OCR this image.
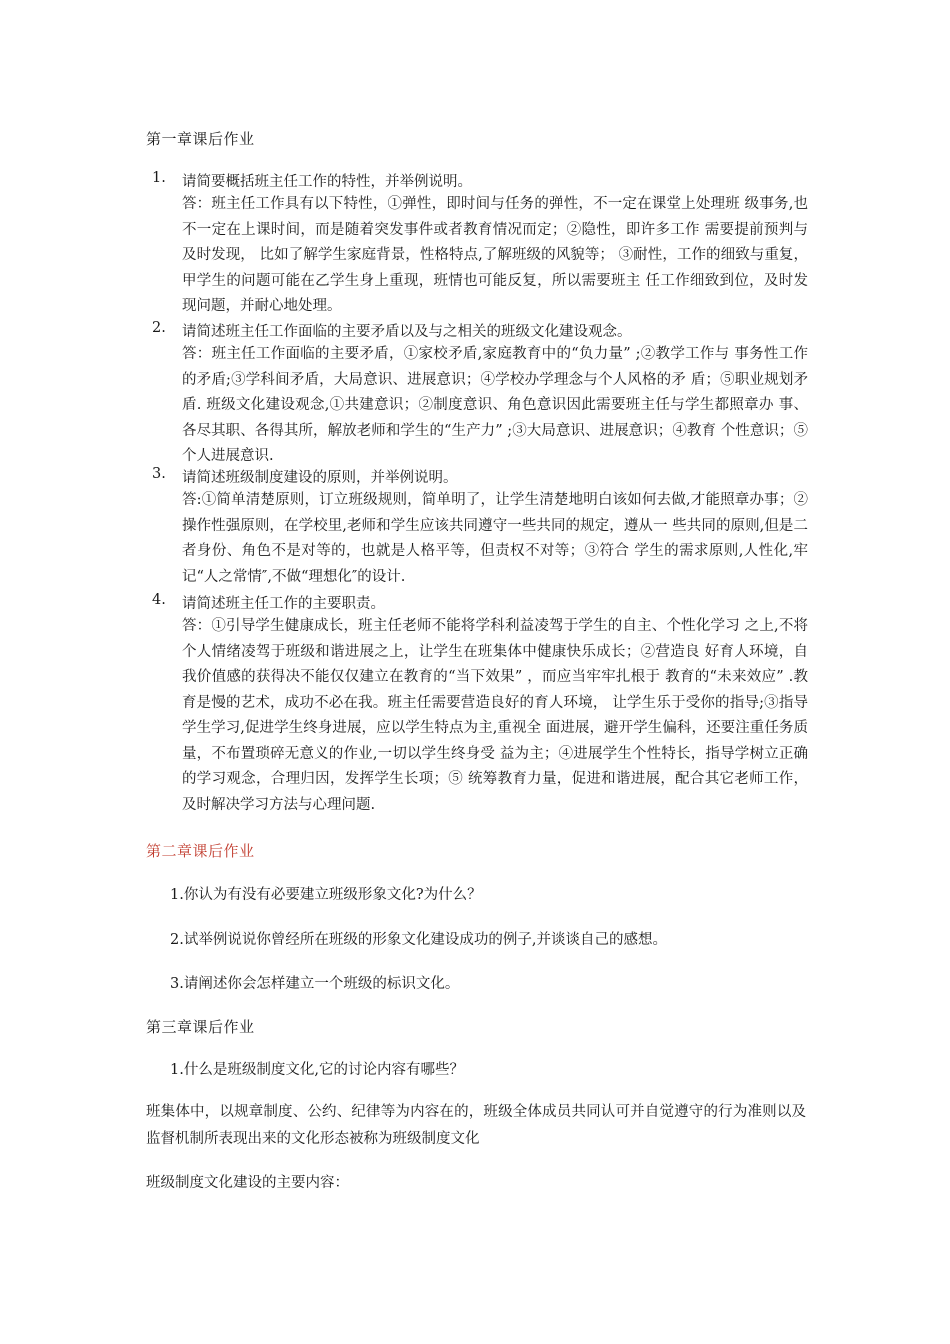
第一章课后作业
1. 请简要概括班主任工作的特性，并举例说明。
答：班主任工作具有以下特性，①弹性，即时间与任务的弹性，不一定在课堂上处理班 级事务,也不一定在上课时间，而是随着突发事件或者教育情况而定；②隐性，即许多工作 需要提前预判与及时发现， 比如了解学生家庭背景，性格特点,了解班级的风貌等； ③耐性，工作的细致与重复，甲学生的问题可能在乙学生身上重现，班情也可能反复，所以需要班主 任工作细致到位，及时发现问题，并耐心地处理。
2. 请简述班主任工作面临的主要矛盾以及与之相关的班级文化建设观念。
答：班主任工作面临的主要矛盾，①家校矛盾,家庭教育中的“负力量” ;②教学工作与 事务性工作的矛盾;③学科间矛盾，大局意识、进展意识；④学校办学理念与个人风格的矛 盾；⑤职业规划矛盾. 班级文化建设观念,①共建意识；②制度意识、角色意识因此需要班主任与学生都照章办 事、各尽其职、各得其所，解放老师和学生的“生产力” ;③大局意识、进展意识；④教育 个性意识；⑤个人进展意识.
3. 请简述班级制度建设的原则，并举例说明。
答:①简单清楚原则，订立班级规则，简单明了，让学生清楚地明白该如何去做,才能照章办事；②操作性强原则，在学校里,老师和学生应该共同遵守一些共同的规定，遵从一 些共同的原则,但是二者身份、角色不是对等的，也就是人格平等，但责权不对等；③符合 学生的需求原则,人性化,牢记“人之常情″,不做“理想化″的设计.
4. 请简述班主任工作的主要职责。
答：①引导学生健康成长，班主任老师不能将学科利益凌驾于学生的自主、个性化学习 之上,不将个人情绪凌驾于班级和谐进展之上，让学生在班集体中健康快乐成长；②营造良 好育人环境，自我价值感的获得决不能仅仅建立在教育的“当下效果” ，而应当牢牢扎根于 教育的“未来效应” .教育是慢的艺术，成功不必在我。班主任需要营造良好的育人环境， 让学生乐于受你的指导;③指导学生学习,促进学生终身进展，应以学生特点为主,重视全 面进展，避开学生偏科，还要注重任务质量，不布置琐碎无意义的作业,一切以学生终身受 益为主；④进展学生个性特长，指导学树立正确的学习观念，合理归因，发挥学生长项；⑤ 统筹教育力量，促进和谐进展，配合其它老师工作，及时解决学习方法与心理问题.
第二章课后作业
1.你认为有没有必要建立班级形象文化?为什么？
2.试举例说说你曾经所在班级的形象文化建设成功的例子,并谈谈自己的感想。
3.请阐述你会怎样建立一个班级的标识文化。
第三章课后作业
1.什么是班级制度文化,它的讨论内容有哪些？
班集体中，以规章制度、公约、纪律等为内容在的，班级全体成员共同认可并自觉遵守的行为准则以及监督机制所表现出来的文化形态被称为班级制度文化
班级制度文化建设的主要内容：
